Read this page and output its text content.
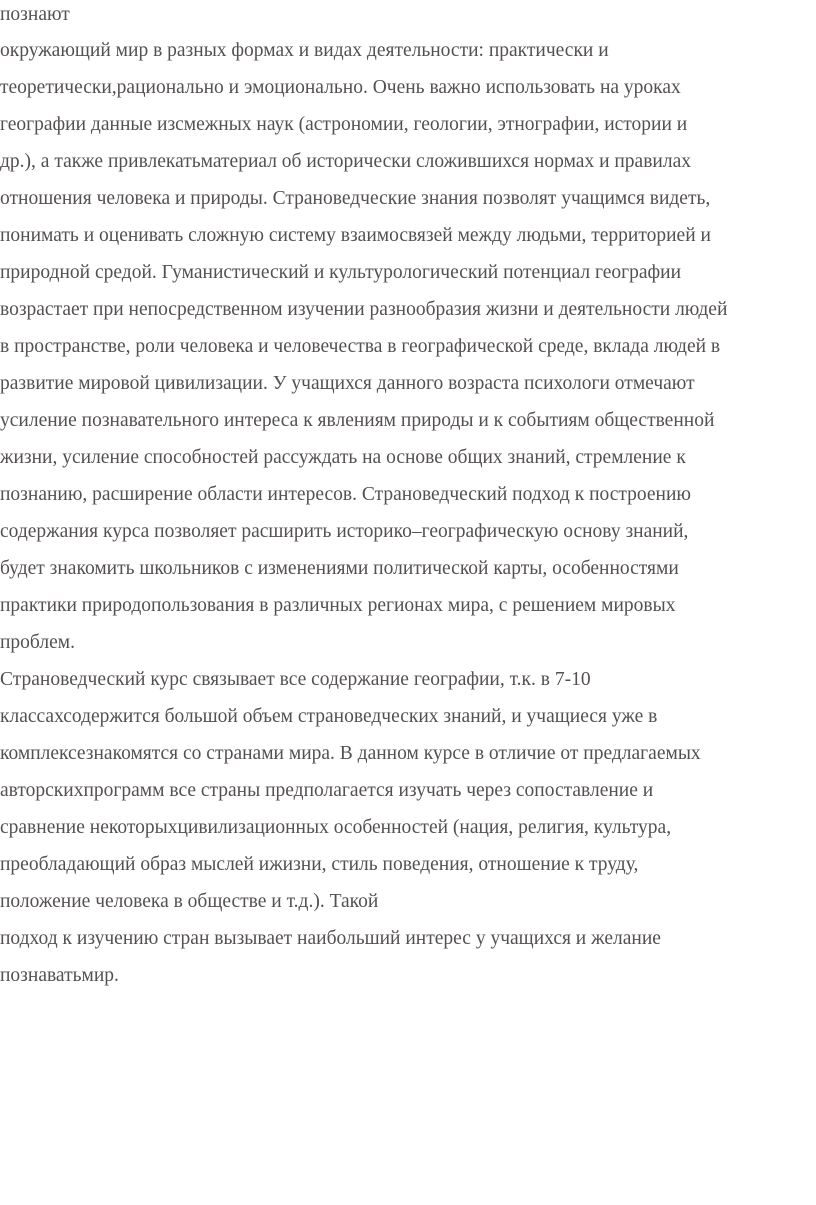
познают
окружающий мир в разных формах и видах деятельности: практически и
теоретически,рационально и эмоционально. Очень важно использовать на уроках
географии данные изсмежных наук (астрономии, геологии, этнографии, истории и
др.), а также привлекатьматериал об исторически сложившихся нормах и правилах
отношения человека и природы. Страноведческие знания позволят учащимся видеть,
понимать и оценивать сложную систему взаимосвязей между людьми, территорией и
природной средой. Гуманистический и культурологический потенциал географии
возрастает при непосредственном изучении разнообразия жизни и деятельности людей
в пространстве, роли человека и человечества в географической среде, вклада людей в
развитие мировой цивилизации. У учащихся данного возраста психологи отмечают
усиление познавательного интереса к явлениям природы и к событиям общественной
жизни, усиление способностей рассуждать на основе общих знаний, стремление к
познанию, расширение области интересов. Страноведческий подход к построению
содержания курса позволяет расширить историко–географическую основу знаний,
будет знакомить школьников с изменениями политической карты, особенностями
практики природопользования в различных регионах мира, с решением мировых
проблем.
Страноведческий курс связывает все содержание географии, т.к. в 7-10
классахсодержится большой объем страноведческих знаний, и учащиеся уже в
комплексезнакомятся со странами мира. В данном курсе в отличие от предлагаемых
авторскихпрограмм все страны предполагается изучать через сопоставление и
сравнение некоторыхцивилизационных особенностей (нация, религия, культура,
преобладающий образ мыслей ижизни, стиль поведения, отношение к труду,
положение человека в обществе и т.д.). Такой
подход к изучению стран вызывает наибольший интерес у учащихся и желание
познаватьмир.
